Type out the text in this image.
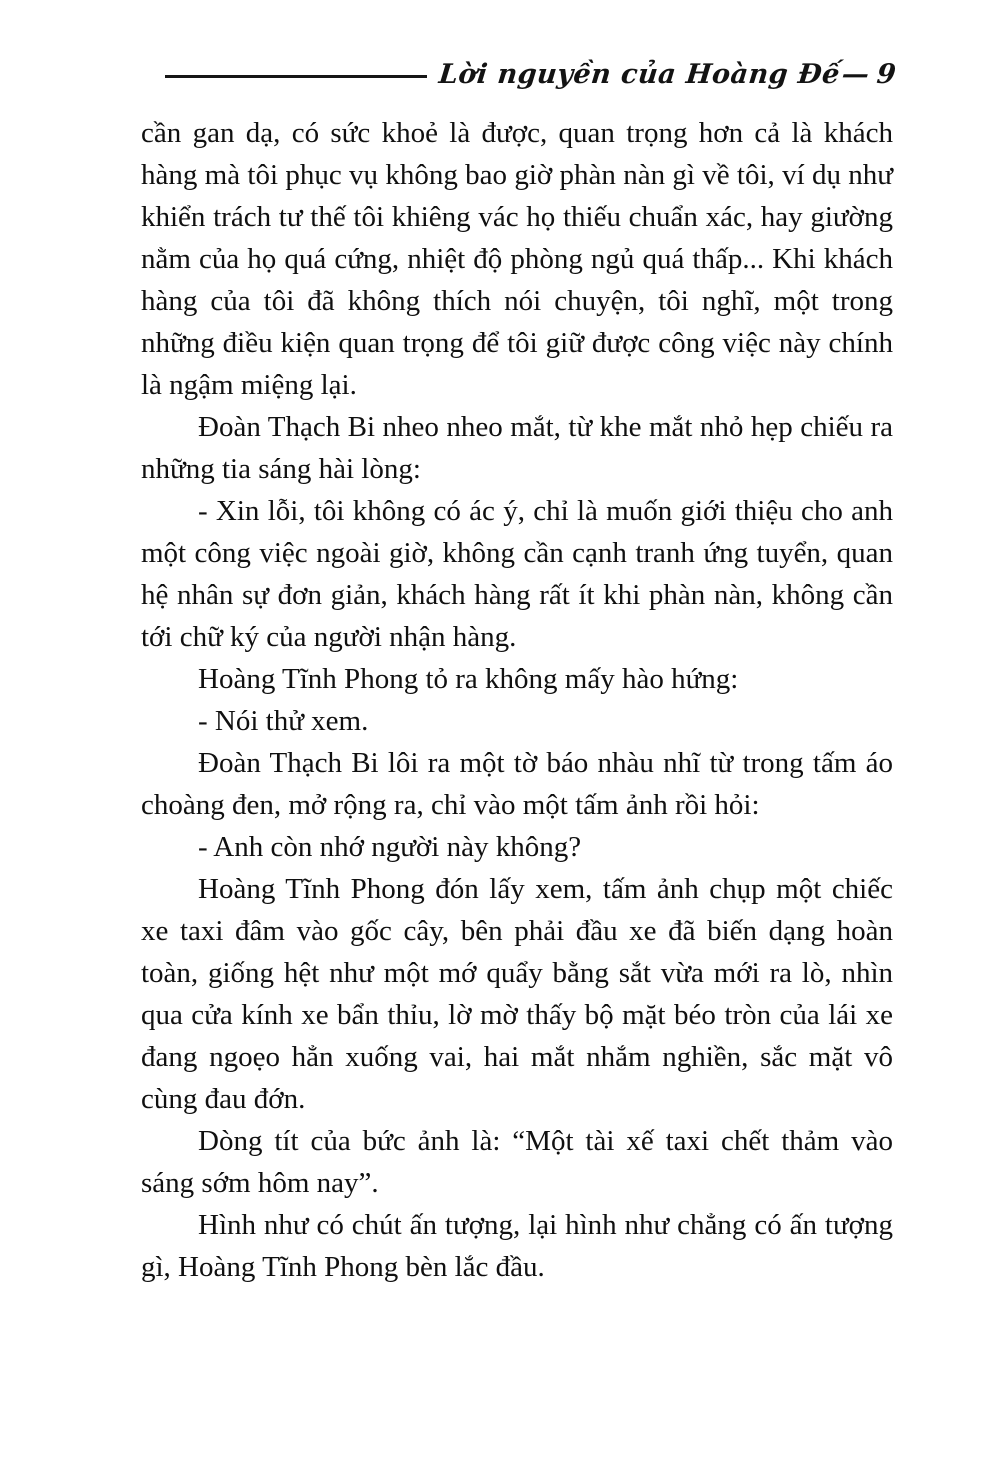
Lời nguyền của Hoàng Đế
— 9

cần gan dạ, có sức khoẻ là được, quan trọng hơn cả là khách hàng mà tôi phục vụ không bao giờ phàn nàn gì về tôi, ví dụ như khiển trách tư thế tôi khiêng vác họ thiếu chuẩn xác, hay giường nằm của họ quá cứng, nhiệt độ phòng ngủ quá thấp... Khi khách hàng của tôi đã không thích nói chuyện, tôi nghĩ, một trong những điều kiện quan trọng để tôi giữ được công việc này chính là ngậm miệng lại.

Đoàn Thạch Bi nheo nheo mắt, từ khe mắt nhỏ hẹp chiếu ra những tia sáng hài lòng:

- Xin lỗi, tôi không có ác ý, chỉ là muốn giới thiệu cho anh một công việc ngoài giờ, không cần cạnh tranh ứng tuyển, quan hệ nhân sự đơn giản, khách hàng rất ít khi phàn nàn, không cần tới chữ ký của người nhận hàng.

Hoàng Tĩnh Phong tỏ ra không mấy hào hứng:

- Nói thử xem.

Đoàn Thạch Bi lôi ra một tờ báo nhàu nhĩ từ trong tấm áo choàng đen, mở rộng ra, chỉ vào một tấm ảnh rồi hỏi:

- Anh còn nhớ người này không?

Hoàng Tĩnh Phong đón lấy xem, tấm ảnh chụp một chiếc xe taxi đâm vào gốc cây, bên phải đầu xe đã biến dạng hoàn toàn, giống hệt như một mớ quẩy bằng sắt vừa mới ra lò, nhìn qua cửa kính xe bẩn thỉu, lờ mờ thấy bộ mặt béo tròn của lái xe đang ngoẹo hẳn xuống vai, hai mắt nhắm nghiền, sắc mặt vô cùng đau đớn.

Dòng tít của bức ảnh là: “Một tài xế taxi chết thảm vào sáng sớm hôm nay”.

Hình như có chút ấn tượng, lại hình như chẳng có ấn tượng gì, Hoàng Tĩnh Phong bèn lắc đầu.
